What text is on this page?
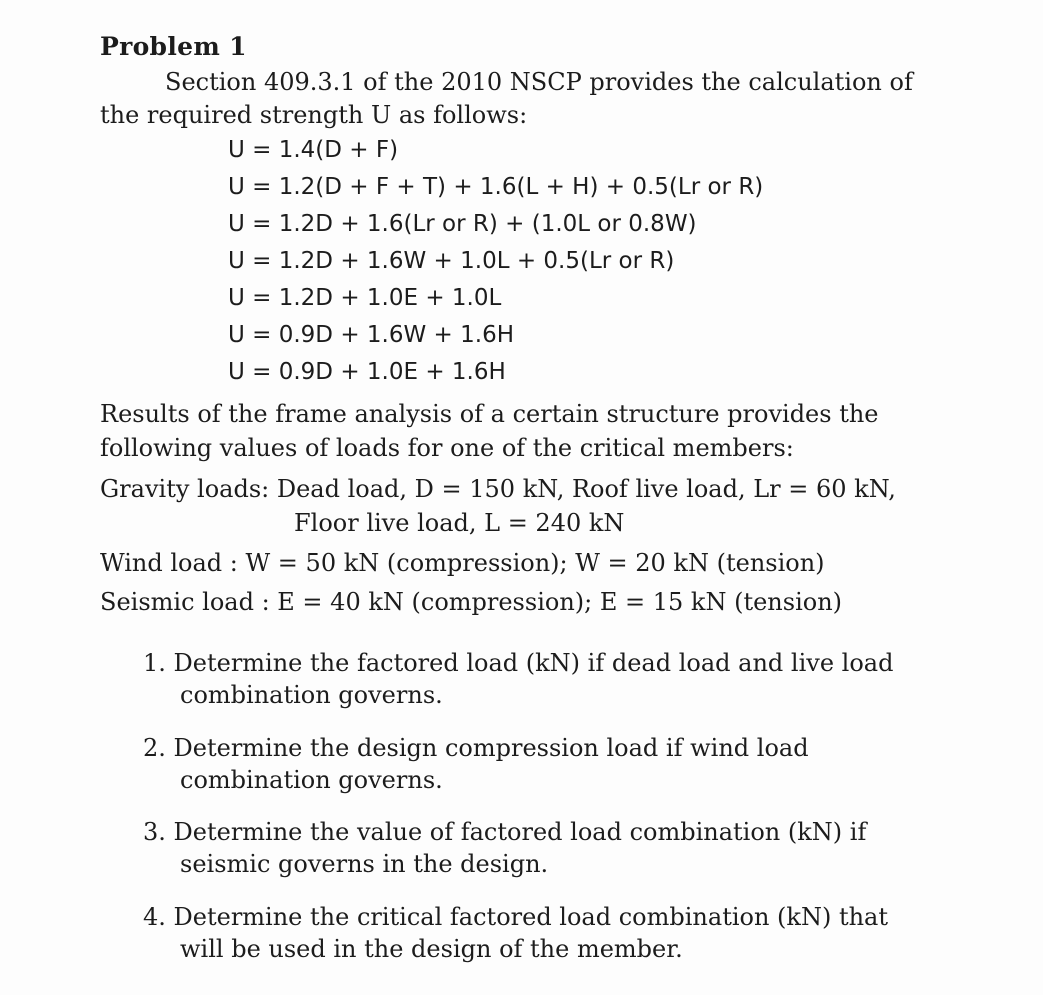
Problem 1
Section 409.3.1 of the 2010 NSCP provides the calculation of
the required strength U as follows:
U = 1.4(D + F)
U = 1.2(D + F + T) + 1.6(L + H) + 0.5(Lr or R)
U = 1.2D + 1.6(Lr or R) + (1.0L or 0.8W)
U = 1.2D + 1.6W + 1.0L + 0.5(Lr or R)
U = 1.2D + 1.0E + 1.0L
U = 0.9D + 1.6W + 1.6H
U = 0.9D + 1.0E + 1.6H
Results of the frame analysis of a certain structure provides the
following values of loads for one of the critical members:
Gravity loads: Dead load, D = 150 kN, Roof live load, Lr = 60 kN,
Floor live load, L = 240 kN
Wind load : W = 50 kN (compression); W = 20 kN (tension)
Seismic load : E = 40 kN (compression); E = 15 kN (tension)
1. Determine the factored load (kN) if dead load and live load
combination governs.
2. Determine the design compression load if wind load
combination governs.
3. Determine the value of factored load combination (kN) if
seismic governs in the design.
4. Determine the critical factored load combination (kN) that
will be used in the design of the member.
